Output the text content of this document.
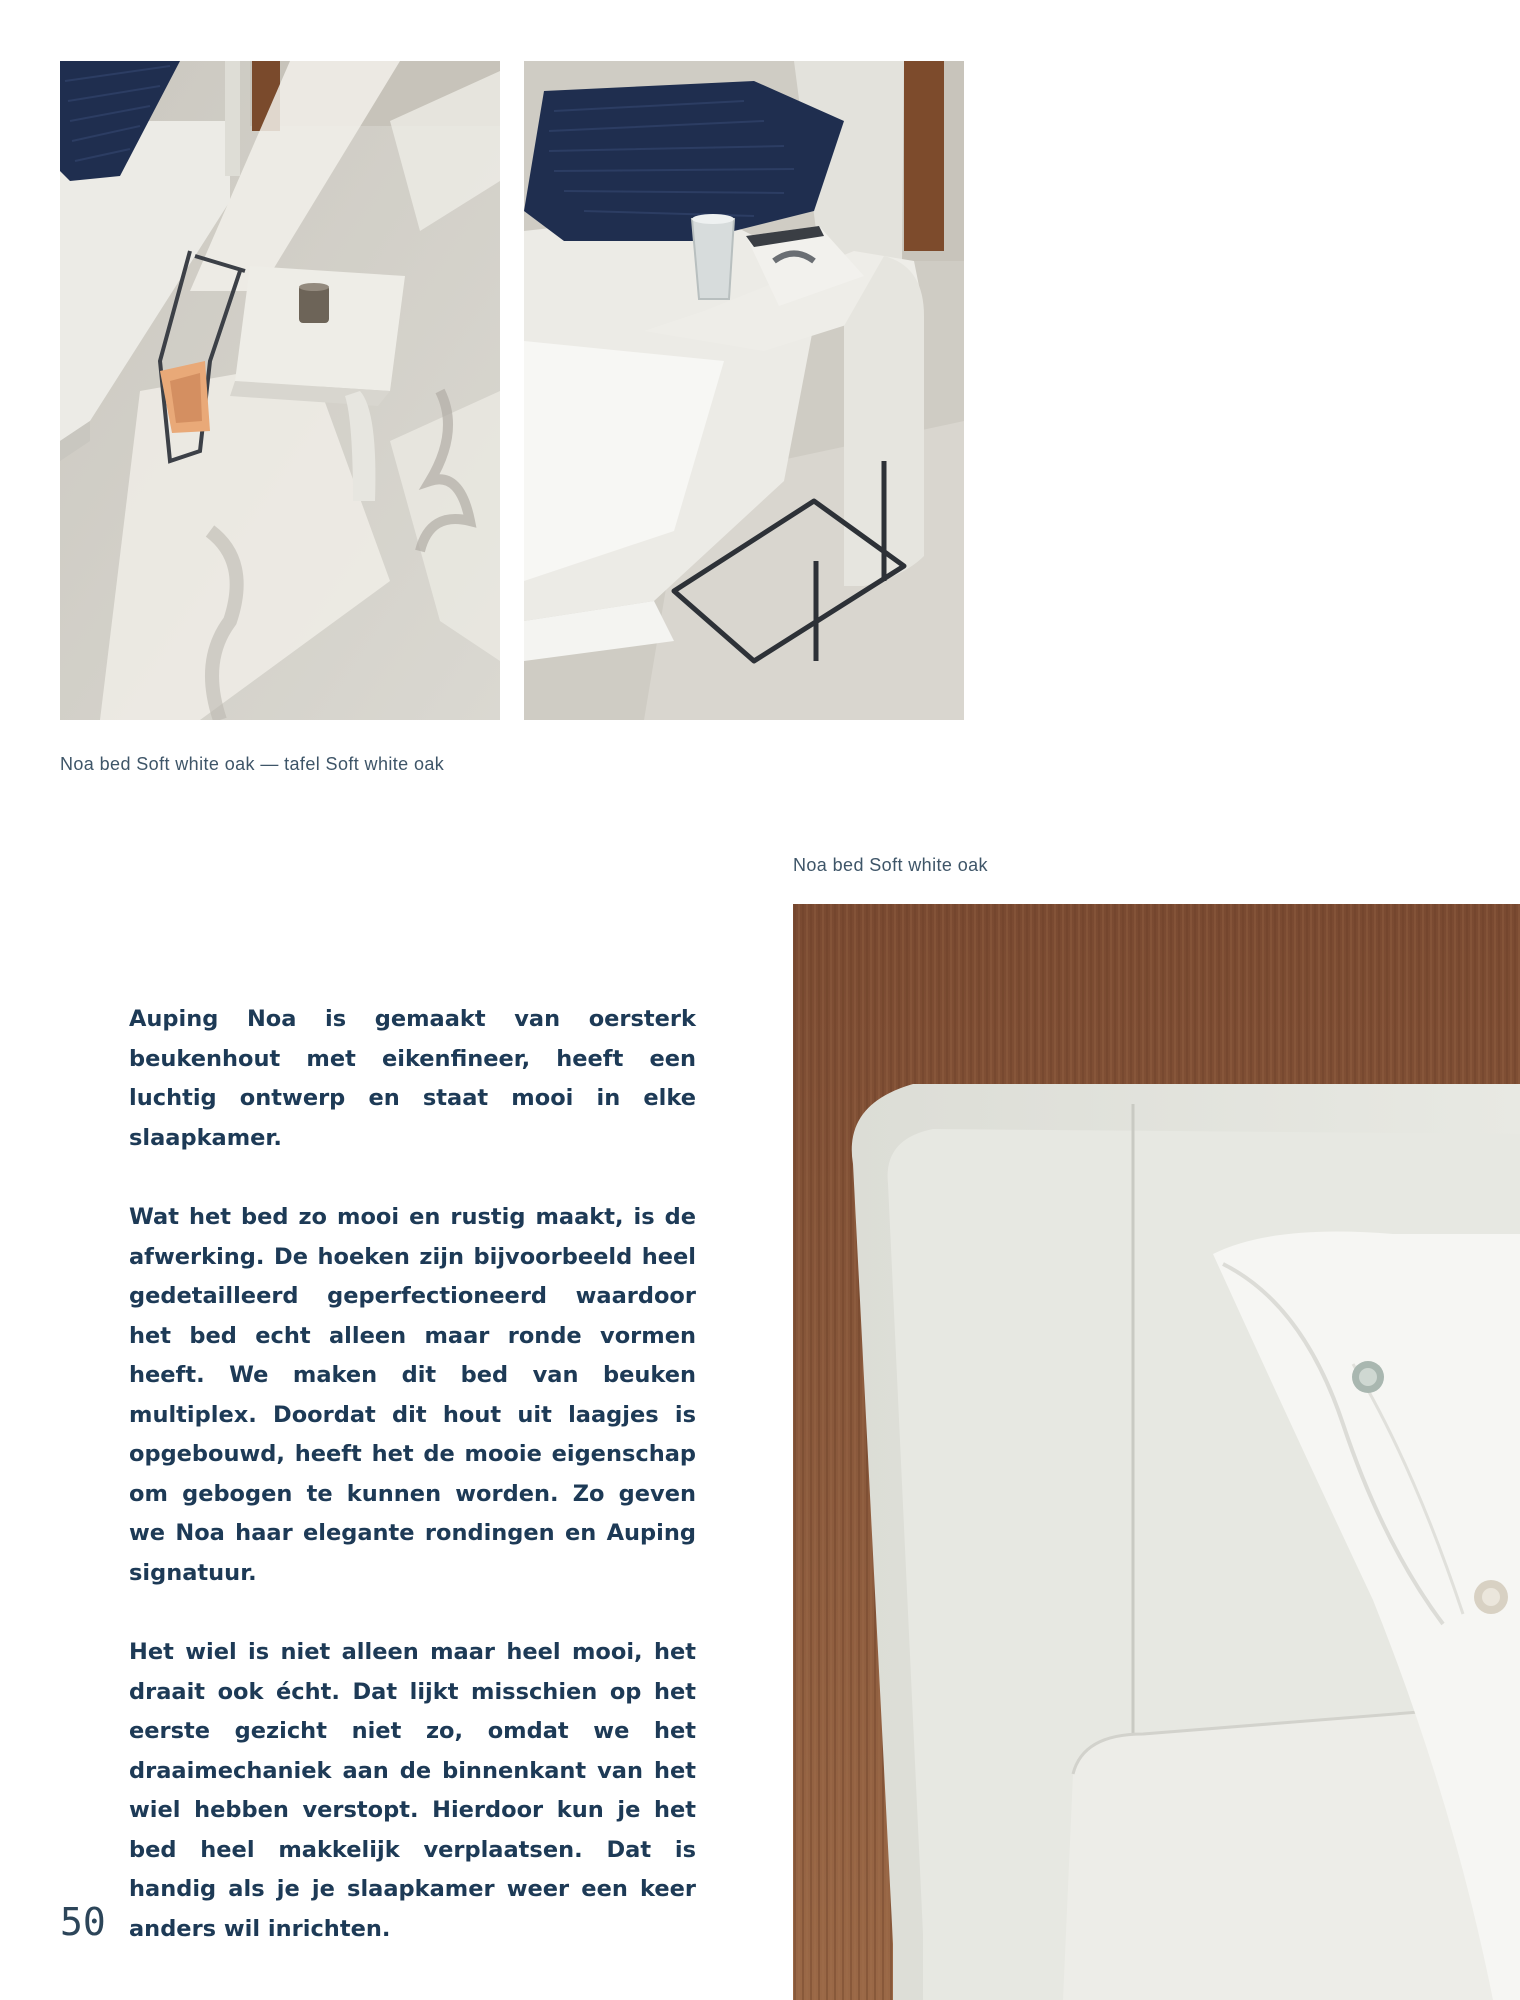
Noa bed Soft white oak — tafel Soft white oak
Noa bed Soft white oak

Auping Noa is gemaakt van oersterk beukenhout met eikenfineer, heeft een luchtig ontwerp en staat mooi in elke slaapkamer.

Wat het bed zo mooi en rustig maakt, is de afwerking. De hoeken zijn bijvoorbeeld heel gedetailleerd geperfectioneerd waardoor het bed echt alleen maar ronde vormen heeft. We maken dit bed van beuken multiplex. Doordat dit hout uit laagjes is opgebouwd, heeft het de mooie eigenschap om gebogen te kunnen worden. Zo geven we Noa haar elegante rondingen en Auping signatuur.

Het wiel is niet alleen maar heel mooi, het draait ook écht. Dat lijkt misschien op het eerste gezicht niet zo, omdat we het draaimechaniek aan de binnenkant van het wiel hebben verstopt. Hierdoor kun je het bed heel makkelijk verplaatsen. Dat is handig als je je slaapkamer weer een keer anders wil inrichten.

50
